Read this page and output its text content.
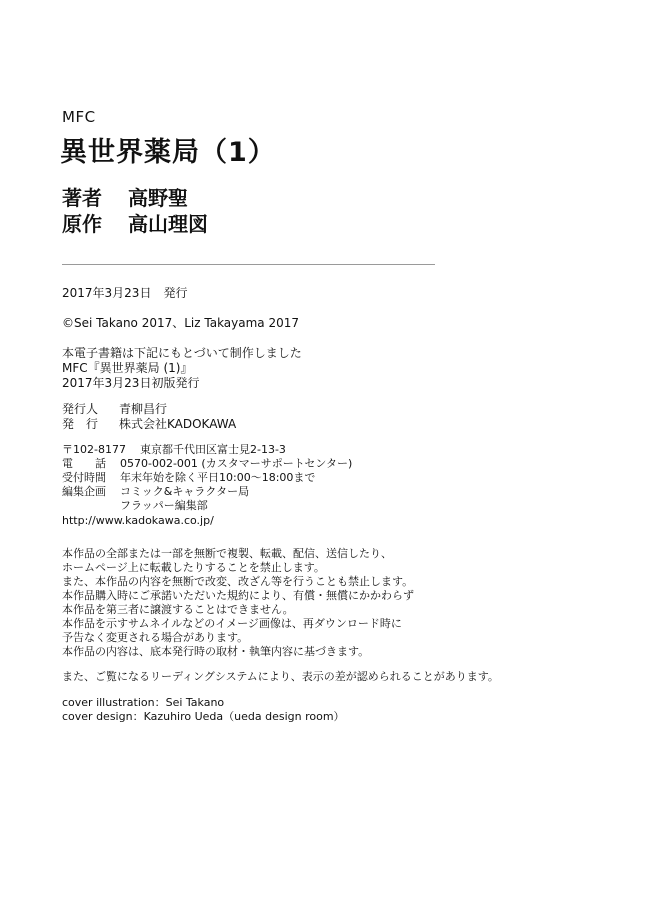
MFC
異世界薬局（1）
著者	高野聖
原作	高山理図
2017年3月23日　発行
©Sei Takano 2017、Liz Takayama 2017
本電子書籍は下記にもとづいて制作しました
MFC『異世界薬局 (1)』
2017年3月23日初版発行
発行人	青柳昌行
発　行	株式会社KADOKAWA
〒102-8177	東京都千代田区富士見2-13-3
電　　話	0570-002-001 (カスタマーサポートセンター)
受付時間	年末年始を除く平日10:00〜18:00まで
編集企画	コミック&キャラクター局
フラッパー編集部
http://www.kadokawa.co.jp/
本作品の全部または一部を無断で複製、転載、配信、送信したり、
ホームページ上に転載したりすることを禁止します。
また、本作品の内容を無断で改変、改ざん等を行うことも禁止します。
本作品購入時にご承諾いただいた規約により、有償・無償にかかわらず
本作品を第三者に譲渡することはできません。
本作品を示すサムネイルなどのイメージ画像は、再ダウンロード時に
予告なく変更される場合があります。
本作品の内容は、底本発行時の取材・執筆内容に基づきます。
また、ご覧になるリーディングシステムにより、表示の差が認められることがあります。
cover illustration：Sei Takano
cover design：Kazuhiro Ueda（ueda design room）
